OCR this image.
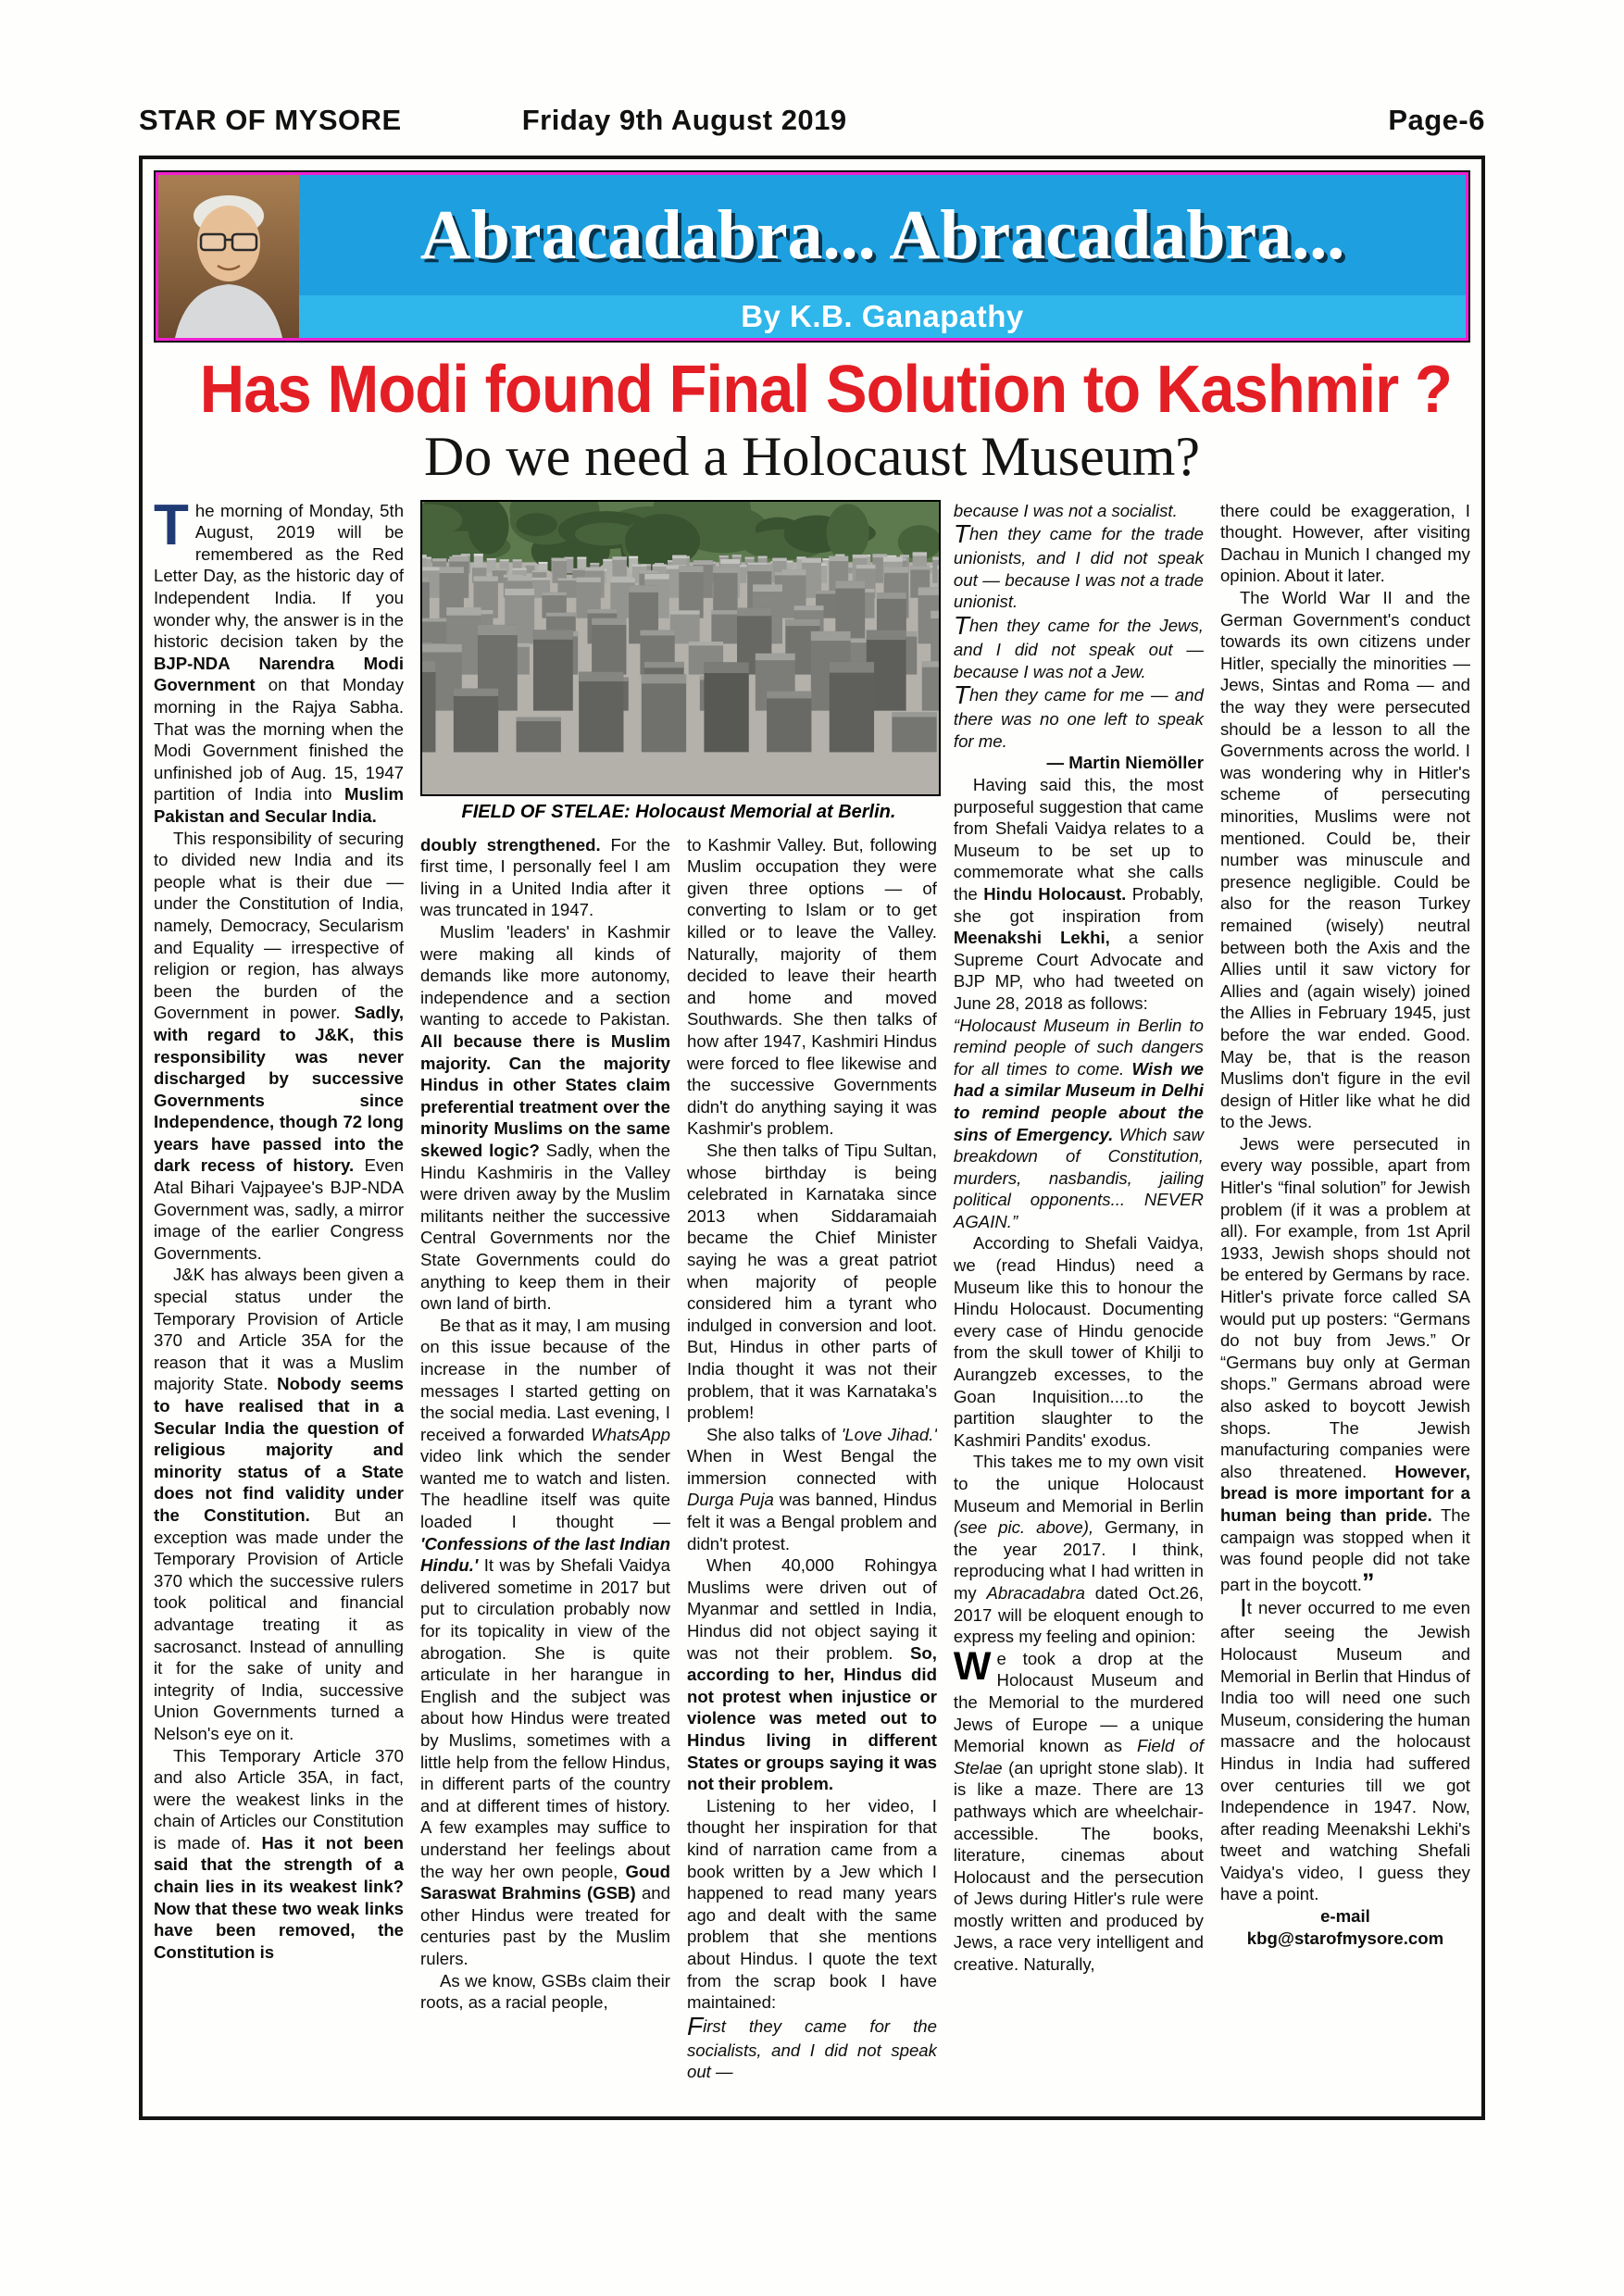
STAR OF MYSORE	Friday 9th August 2019	Page-6
Abracadabra... Abracadabra...
By K.B. Ganapathy
Has Modi found Final Solution to Kashmir ?
Do we need a Holocaust Museum?

The morning of Monday, 5th August, 2019 will be remembered as the Red Letter Day, as the historic day of Independent India. If you wonder why, the answer is in the historic decision taken by the BJP-NDA Narendra Modi Government on that Monday morning in the Rajya Sabha. That was the morning when the Modi Government finished the unfinished job of Aug. 15, 1947 partition of India into Muslim Pakistan and Secular India.

This responsibility of securing to divided new India and its people what is their due — under the Constitution of India, namely, Democracy, Secularism and Equality — irrespective of religion or region, has always been the burden of the Government in power. Sadly, with regard to J&K, this responsibility was never discharged by successive Governments since Independence, though 72 long years have passed into the dark recess of history. Even Atal Bihari Vajpayee's BJP-NDA Government was, sadly, a mirror image of the earlier Congress Governments.

J&K has always been given a special status under the Temporary Provision of Article 370 and Article 35A for the reason that it was a Muslim majority State. Nobody seems to have realised that in a Secular India the question of religious majority and minority status of a State does not find validity under the Constitution. But an exception was made under the Temporary Provision of Article 370 which the successive rulers took political and financial advantage treating it as sacrosanct. Instead of annulling it for the sake of unity and integrity of India, successive Union Governments turned a Nelson's eye on it.

This Temporary Article 370 and also Article 35A, in fact, were the weakest links in the chain of Articles our Constitution is made of. Has it not been said that the strength of a chain lies in its weakest link? Now that these two weak links have been removed, the Constitution is

FIELD OF STELAE: Holocaust Memorial at Berlin.

doubly strengthened. For the first time, I personally feel I am living in a United India after it was truncated in 1947.

Muslim 'leaders' in Kashmir were making all kinds of demands like more autonomy, independence and a section wanting to accede to Pakistan. All because there is Muslim majority. Can the majority Hindus in other States claim preferential treatment over the minority Muslims on the same skewed logic? Sadly, when the Hindu Kashmiris in the Valley were driven away by the Muslim militants neither the successive Central Governments nor the State Governments could do anything to keep them in their own land of birth.

Be that as it may, I am musing on this issue because of the increase in the number of messages I started getting on the social media. Last evening, I received a forwarded WhatsApp video link which the sender wanted me to watch and listen. The headline itself was quite loaded I thought — 'Confessions of the last Indian Hindu.' It was by Shefali Vaidya delivered sometime in 2017 but put to circulation probably now for its topicality in view of the abrogation. She is quite articulate in her harangue in English and the subject was about how Hindus were treated by Muslims, sometimes with a little help from the fellow Hindus, in different parts of the country and at different times of history. A few examples may suffice to understand her feelings about the way her own people, Goud Saraswat Brahmins (GSB) and other Hindus were treated for centuries past by the Muslim rulers.

As we know, GSBs claim their roots, as a racial people,

to Kashmir Valley. But, following Muslim occupation they were given three options — of converting to Islam or to get killed or to leave the Valley. Naturally, majority of them decided to leave their hearth and home and moved Southwards. She then talks of how after 1947, Kashmiri Hindus were forced to flee likewise and the successive Governments didn't do anything saying it was Kashmir's problem.

She then talks of Tipu Sultan, whose birthday is being celebrated in Karnataka since 2013 when Siddaramaiah became the Chief Minister saying he was a great patriot when majority of people considered him a tyrant who indulged in conversion and loot. But, Hindus in other parts of India thought it was not their problem, that it was Karnataka's problem!

She also talks of 'Love Jihad.' When in West Bengal the immersion connected with Durga Puja was banned, Hindus felt it was a Bengal problem and didn't protest.

When 40,000 Rohingya Muslims were driven out of Myanmar and settled in India, Hindus did not object saying it was not their problem. So, according to her, Hindus did not protest when injustice or violence was meted out to Hindus living in different States or groups saying it was not their problem.

Listening to her video, I thought her inspiration for that kind of narration came from a book written by a Jew which I happened to read many years ago and dealt with the same problem that she mentions about Hindus. I quote the text from the scrap book I have maintained:

First they came for the socialists, and I did not speak out —

because I was not a socialist.

Then they came for the trade unionists, and I did not speak out — because I was not a trade unionist.

Then they came for the Jews, and I did not speak out —because I was not a Jew.

Then they came for me — and there was no one left to speak for me.

— Martin Niemöller

Having said this, the most purposeful suggestion that came from Shefali Vaidya relates to a Museum to be set up to commemorate what she calls the Hindu Holocaust. Probably, she got inspiration from Meenakshi Lekhi, a senior Supreme Court Advocate and BJP MP, who had tweeted on June 28, 2018 as follows:

“Holocaust Museum in Berlin to remind people of such dangers for all times to come. Wish we had a similar Museum in Delhi to remind people about the sins of Emergency. Which saw breakdown of Constitution, murders, nasbandis, jailing political opponents... NEVER AGAIN.”

According to Shefali Vaidya, we (read Hindus) need a Museum like this to honour the Hindu Holocaust. Documenting every case of Hindu genocide from the skull tower of Khilji to Aurangzeb excesses, to the Goan Inquisition....to the partition slaughter to the Kashmiri Pandits' exodus.

This takes me to my own visit to the unique Holocaust Museum and Memorial in Berlin (see pic. above), Germany, in the year 2017. I think, reproducing what I had written in my Abracadabra dated Oct.26, 2017 will be eloquent enough to express my feeling and opinion:

We took a drop at the Holocaust Museum and the Memorial to the murdered Jews of Europe — a unique Memorial known as Field of Stelae (an upright stone slab). It is like a maze. There are 13 pathways which are wheelchair-accessible. The books, literature, cinemas about Holocaust and the persecution of Jews during Hitler's rule were mostly written and produced by Jews, a race very intelligent and creative. Naturally,

there could be exaggeration, I thought. However, after visiting Dachau in Munich I changed my opinion. About it later.

The World War II and the German Government's conduct towards its own citizens under Hitler, specially the minorities — Jews, Sintas and Roma — and the way they were persecuted should be a lesson to all the Governments across the world. I was wondering why in Hitler's scheme of persecuting minorities, Muslims were not mentioned. Could be, their number was minuscule and presence negligible. Could be also for the reason Turkey remained (wisely) neutral between both the Axis and the Allies until it saw victory for Allies and (again wisely) joined the Allies in February 1945, just before the war ended. Good. May be, that is the reason Muslims don't figure in the evil design of Hitler like what he did to the Jews.

Jews were persecuted in every way possible, apart from Hitler's “final solution” for Jewish problem (if it was a problem at all). For example, from 1st April 1933, Jewish shops should not be entered by Germans by race. Hitler's private force called SA would put up posters: “Germans do not buy from Jews.” Or “Germans buy only at German shops.” Germans abroad were also asked to boycott Jewish shops. The Jewish manufacturing companies were also threatened. However, bread is more important for a human being than pride. The campaign was stopped when it was found people did not take part in the boycott.”

It never occurred to me even after seeing the Jewish Holocaust Museum and Memorial in Berlin that Hindus of India too will need one such Museum, considering the human massacre and the holocaust Hindus in India had suffered over centuries till we got Independence in 1947. Now, after reading Meenakshi Lekhi's tweet and watching Shefali Vaidya's video, I guess they have a point.

e-mail

kbg@starofmysore.com
